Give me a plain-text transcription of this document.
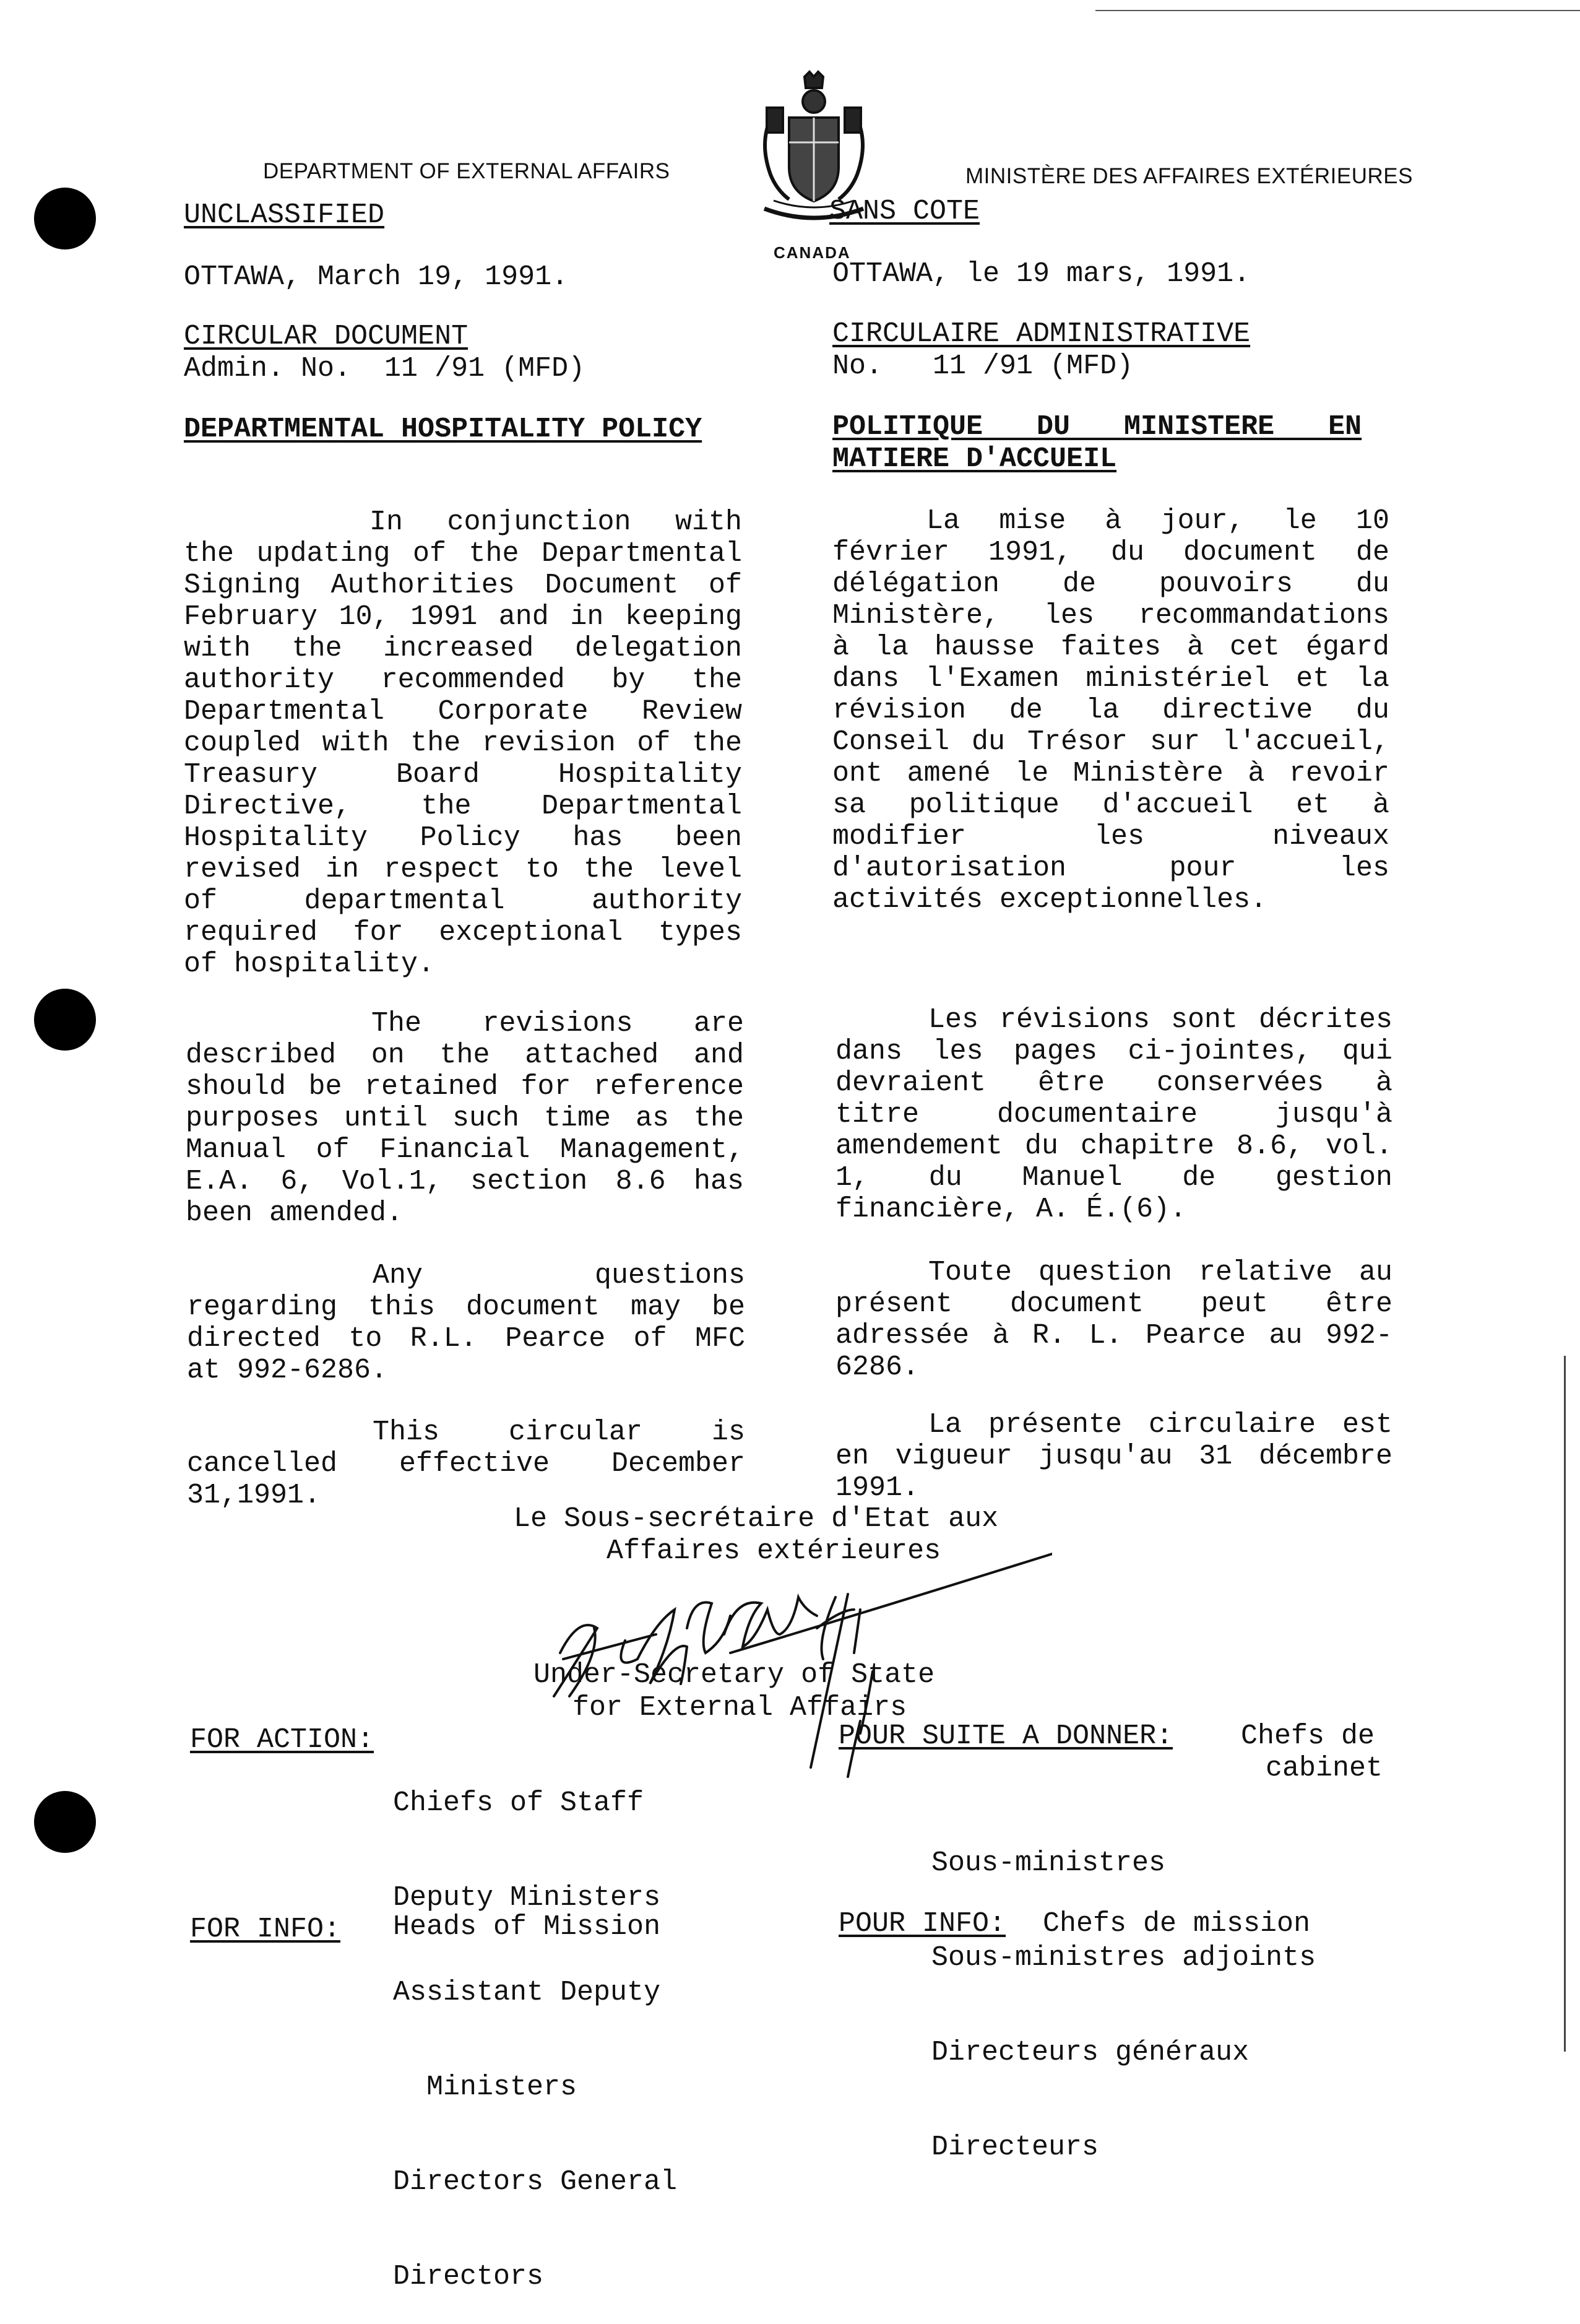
DEPARTMENT OF EXTERNAL AFFAIRS	MINISTÈRE DES AFFAIRES EXTÉRIEURES
CANADA
UNCLASSIFIED	SANS COTE
OTTAWA, March 19, 1991.	OTTAWA, le 19 mars, 1991.
CIRCULAR DOCUMENT
Admin. No.  11 /91 (MFD)
CIRCULAIRE ADMINISTRATIVE
No.   11 /91 (MFD)
DEPARTMENTAL HOSPITALITY POLICY	POLITIQUE DU MINISTERE EN
MATIERE D'ACCUEIL
In conjunction with
the updating of the Departmental
Signing Authorities Document of
February 10, 1991 and in keeping
with the increased delegation
authority recommended by the
Departmental Corporate Review
coupled with the revision of the
Treasury Board Hospitality
Directive, the Departmental
Hospitality Policy has been
revised in respect to the level
of departmental authority
required for exceptional types
of hospitality.
The revisions are
described on the attached and
should be retained for reference
purposes until such time as the
Manual of Financial Management,
E.A. 6, Vol.1, section 8.6 has
been amended.
Any questions
regarding this document may be
directed to R.L. Pearce of MFC
at 992-6286.
This circular is
cancelled effective December
31,1991.
La mise à jour, le 10
février 1991, du document de
délégation de pouvoirs du
Ministère, les recommandations
à la hausse faites à cet égard
dans l'Examen ministériel et la
révision de la directive du
Conseil du Trésor sur l'accueil,
ont amené le Ministère à revoir
sa politique d'accueil et à
modifier les niveaux
d'autorisation pour les
activités exceptionnelles.
Les révisions sont décrites
dans les pages ci-jointes, qui
devraient être conservées à
titre documentaire jusqu'à
amendement du chapitre 8.6, vol.
1, du Manuel de gestion
financière, A. É.(6).
Toute question relative au
présent document peut être
adressée à R. L. Pearce au 992-
6286.
La présente circulaire est
en vigueur jusqu'au 31 décembre
1991.
Le Sous-secrétaire d'Etat aux
Affaires extérieures
Under-Secretary of State
for External Affairs
FOR ACTION:

Chiefs of Staff

Deputy Ministers

Assistant Deputy

Ministers

Directors General

Directors

FOR INFO: Heads of Mission
POUR SUITE A DONNER: Chefs de
cabinet

Sous-ministres

Sous-ministres adjoints

Directeurs généraux

Directeurs

POUR INFO: Chefs de mission
